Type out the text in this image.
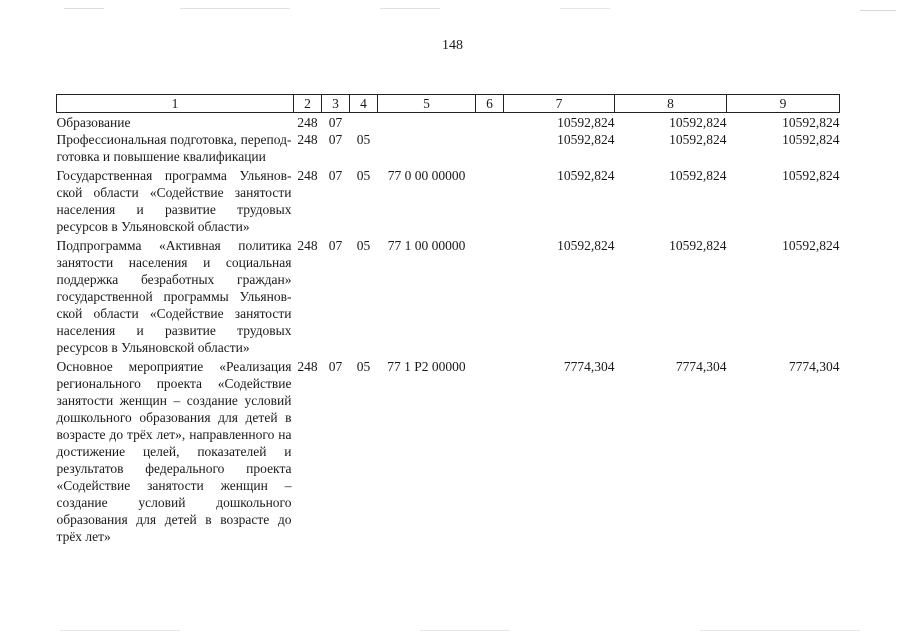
148
1	2	3	4	5	6	7	8	9
Образование	248	07				10592,824	10592,824	10592,824
Профессиональная подготовка, переподготовка и повышение квалификации	248	07	05			10592,824	10592,824	10592,824
Государственная программа Ульяновской области «Содействие занятости населения и развитие трудовых ресурсов в Ульяновской области»	248	07	05	77 0 00 00000		10592,824	10592,824	10592,824
Подпрограмма «Активная политика занятости населения и социальная поддержка безработных граждан» государственной программы Ульяновской области «Содействие занятости населения и развитие трудовых ресурсов в Ульяновской области»	248	07	05	77 1 00 00000		10592,824	10592,824	10592,824
Основное мероприятие «Реализация регионального проекта «Содействие занятости женщин – создание условий дошкольного образования для детей в возрасте до трёх лет», направленного на достижение целей, показателей и результатов федерального проекта «Содействие занятости женщин – создание условий дошкольного образования для детей в возрасте до трёх лет»	248	07	05	77 1 Р2 00000		7774,304	7774,304	7774,304
